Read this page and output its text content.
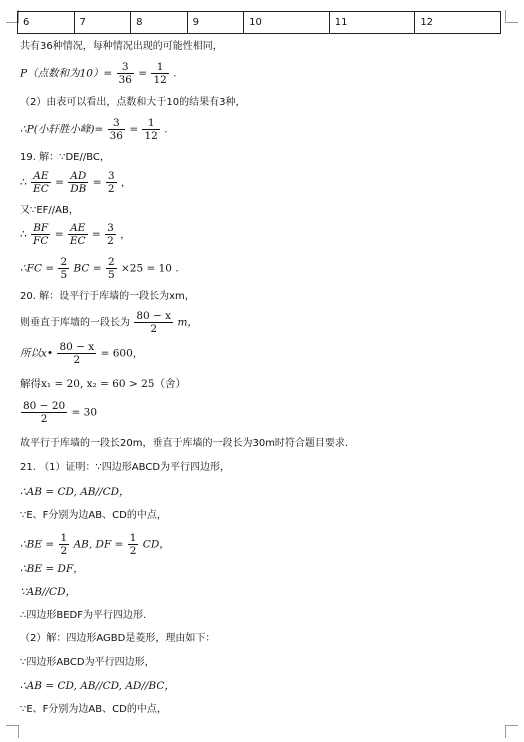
6	7	8	9	10	11	12
共有36种情况，每种情况出现的可能性相同，
P（点数和为$10)= \frac{3}{36} = \frac{1}{12}$ .
（2）由表可以看出，点数和大于10的结果有3种，
∴P(小轩胜小峰)= $\frac{3}{36} = \frac{1}{12}$ .
19. 解：∵DE//BC，
∴ $\frac{AE}{EC} = \frac{AD}{DB} = \frac{3}{2}$ ，
又∵EF//AB，
∴ $\frac{BF}{FC} = \frac{AE}{EC} = \frac{3}{2}$ ，
∴FC = $\frac{2}{5}$ BC = $\frac{2}{5} \times 25 = 10$ .
20. 解：设平行于库墙的一段长为xm，
则垂直于库墙的一段长为 $\frac{80 - x}{2}$ m，
所以x• $\frac{80 - x}{2} = 600$，
解得x₁ = 20, x₂ = 60 > 25（舍）
$\frac{80 - 20}{2} = 30$
故平行于库墙的一段长20m，垂直于库墙的一段长为30m时符合题目要求.
21. （1）证明：∵四边形ABCD为平行四边形，
∴AB = CD, AB//CD，
∵E、F分别为边AB、CD的中点，
∴BE = $\frac{1}{2}$ AB, DF = $\frac{1}{2}$ CD，
∴BE = DF，
∵AB//CD，
∴四边形BEDF为平行四边形.
（2）解：四边形AGBD是菱形，理由如下：
∵四边形ABCD为平行四边形，
∴AB = CD, AB//CD, AD//BC，
∵E、F分别为边AB、CD的中点，
